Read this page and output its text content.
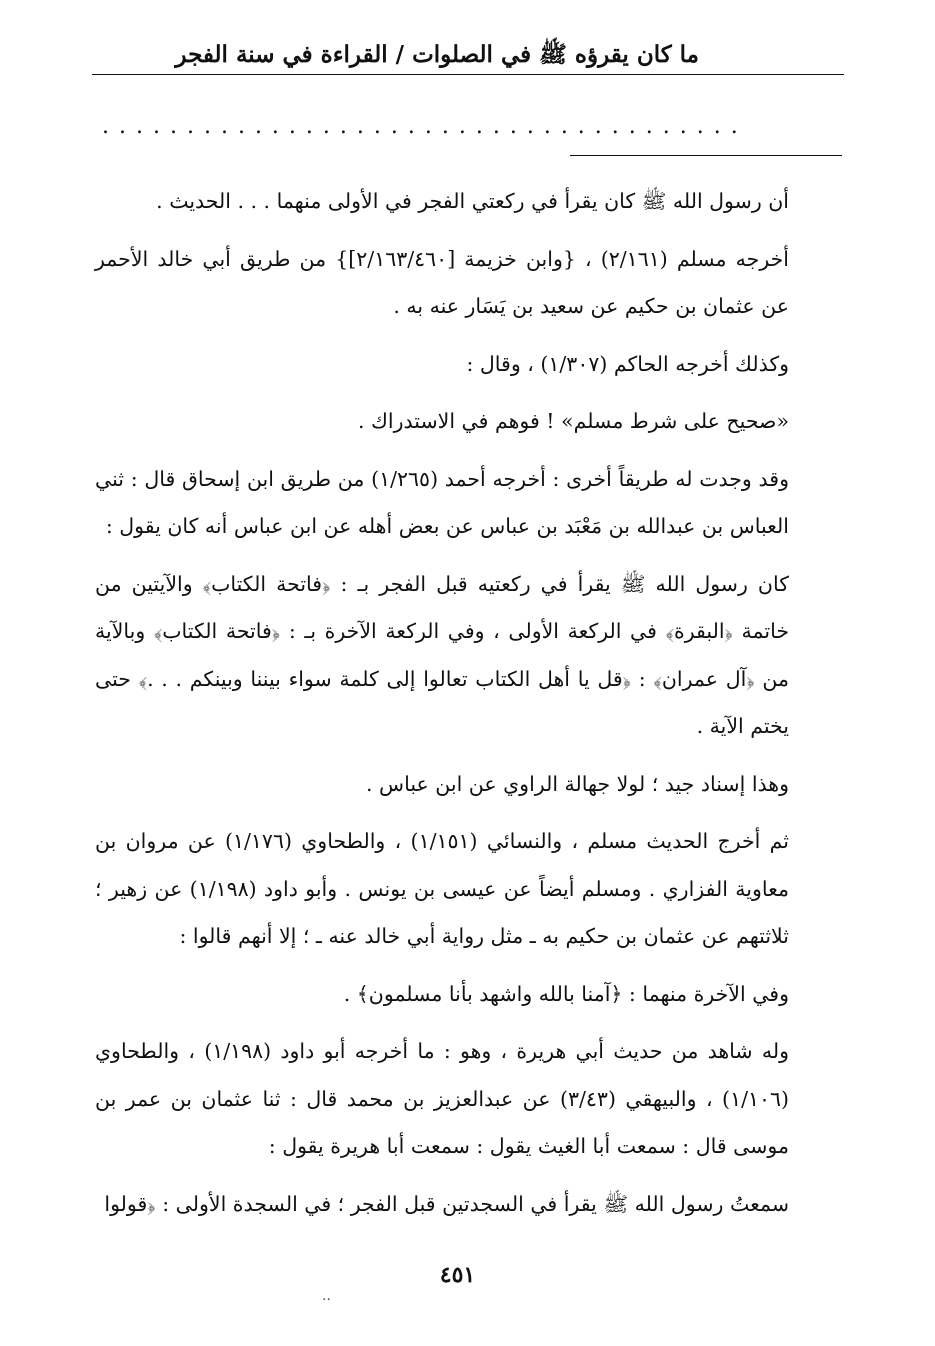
ما كان يقرؤه ﷺ في الصلوات / القراءة في سنة الفجر
......................................

أن رسول الله ﷺ كان يقرأ في ركعتي الفجر في الأولى منهما . . . الحديث .

أخرجه مسلم (٢/١٦١) ، {وابن خزيمة [٢/١٦٣/٤٦٠]} من طريق أبي خالد الأحمر عن عثمان بن حكيم عن سعيد بن يَسَار عنه به .

وكذلك أخرجه الحاكم (١/٣٠٧) ، وقال :

«صحيح على شرط مسلم» ! فوهم في الاستدراك .

وقد وجدت له طريقاً أخرى : أخرجه أحمد (١/٢٦٥) من طريق ابن إسحاق قال : ثني العباس بن عبدالله بن مَعْبَد بن عباس عن بعض أهله عن ابن عباس أنه كان يقول :

كان رسول الله ﷺ يقرأ في ركعتيه قبل الفجر بـ : ﴿فاتحة الكتاب﴾ والآيتين من خاتمة ﴿البقرة﴾ في الركعة الأولى ، وفي الركعة الآخرة بـ : ﴿فاتحة الكتاب﴾ وبالآية من ﴿آل عمران﴾ : ﴿قل يا أهل الكتاب تعالوا إلى كلمة سواء بيننا وبينكم . . .﴾ حتى يختم الآية .

وهذا إسناد جيد ؛ لولا جهالة الراوي عن ابن عباس .

ثم أخرج الحديث مسلم ، والنسائي (١/١٥١) ، والطحاوي (١/١٧٦) عن مروان بن معاوية الفزاري . ومسلم أيضاً عن عيسى بن يونس . وأبو داود (١/١٩٨) عن زهير ؛ ثلاثتهم عن عثمان بن حكيم به ـ مثل رواية أبي خالد عنه ـ ؛ إلا أنهم قالوا :

وفي الآخرة منهما : ﴿آمنا بالله واشهد بأنا مسلمون﴾ .

وله شاهد من حديث أبي هريرة ، وهو : ما أخرجه أبو داود (١/١٩٨) ، والطحاوي (١/١٠٦) ، والبيهقي (٣/٤٣) عن عبدالعزيز بن محمد قال : ثنا عثمان بن عمر بن موسى قال : سمعت أبا الغيث يقول : سمعت أبا هريرة يقول :

سمعتُ رسول الله ﷺ يقرأ في السجدتين قبل الفجر ؛ في السجدة الأولى : ﴿قولوا

٤٥١
··
